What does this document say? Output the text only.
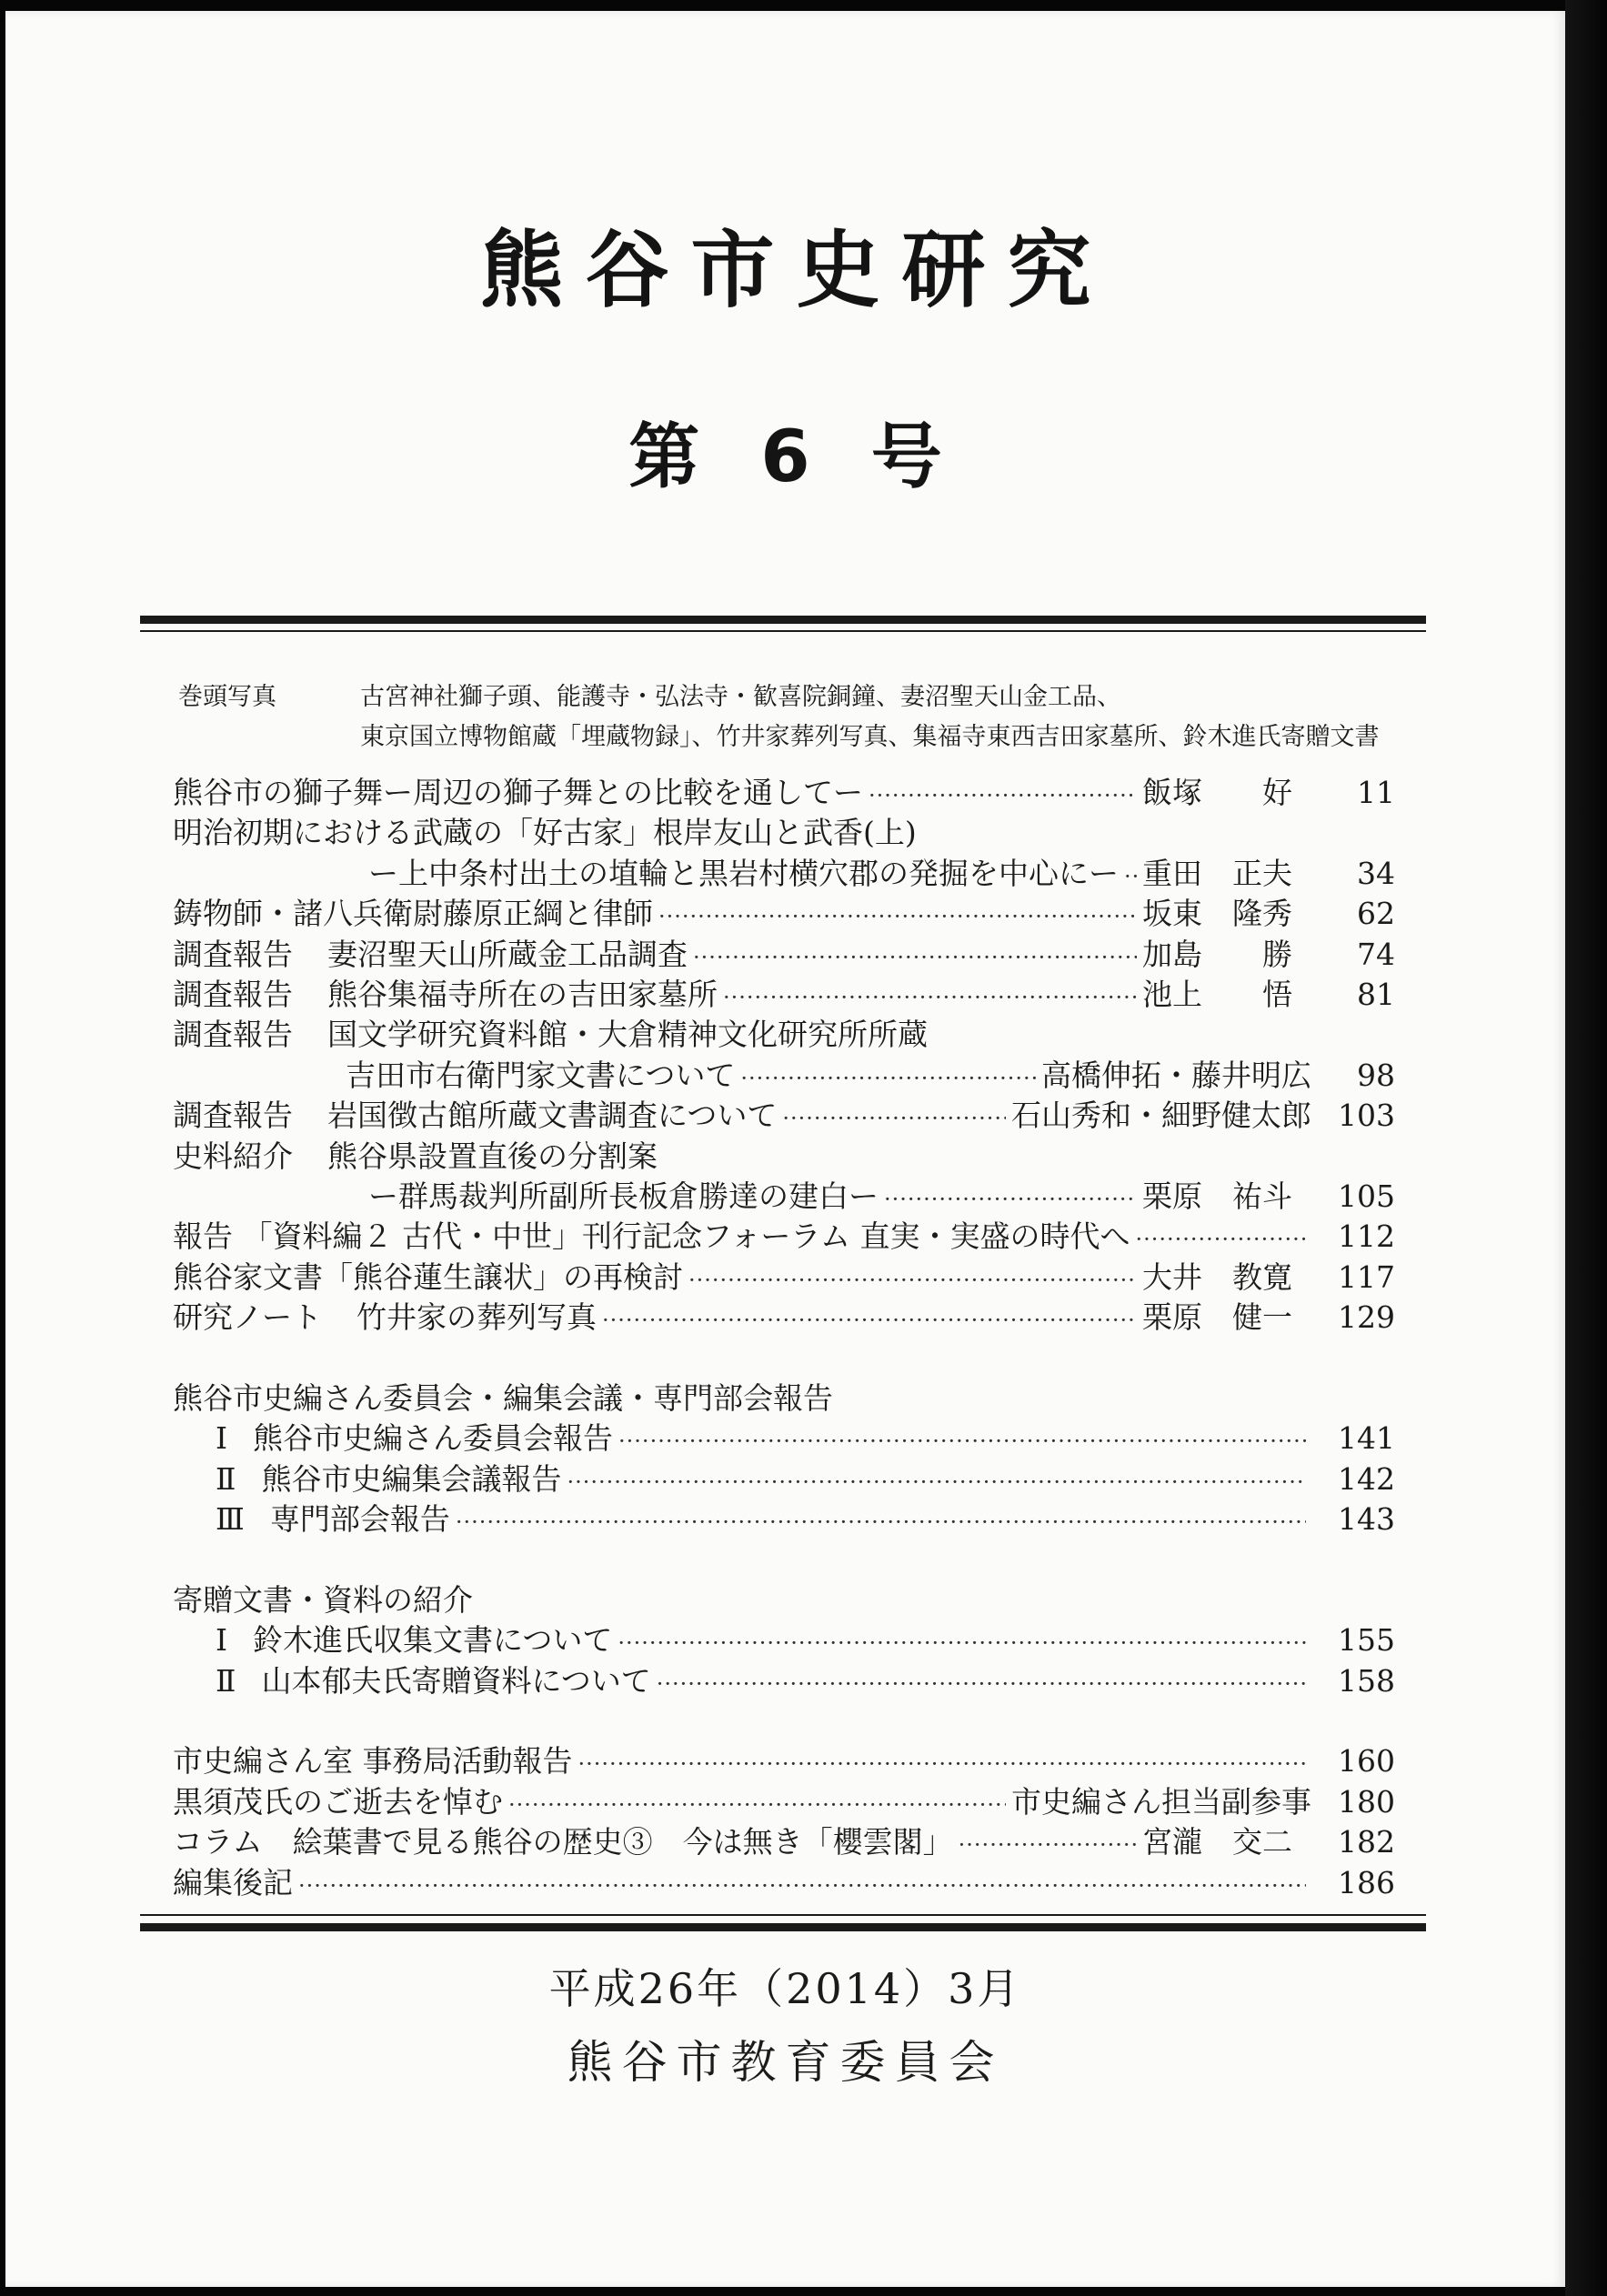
熊谷市史研究
第 6 号
巻頭写真	古宮神社獅子頭、能護寺・弘法寺・歓喜院銅鐘、妻沼聖天山金工品、
東京国立博物館蔵「埋蔵物録」、竹井家葬列写真、集福寺東西吉田家墓所、鈴木進氏寄贈文書
熊谷市の獅子舞ー周辺の獅子舞との比較を通してー ·····	飯塚　　好	11
明治初期における武蔵の「好古家」根岸友山と武香(上)
ー上中条村出土の埴輪と黒岩村横穴郡の発掘を中心にー ····· 重田　正夫	34
鋳物師・諸八兵衛尉藤原正綱と律師 ·····	坂東　隆秀	62
調査報告	妻沼聖天山所蔵金工品調査 ·····	加島　　勝	74
調査報告	熊谷集福寺所在の吉田家墓所 ·····	池上　　悟	81
調査報告	国文学研究資料館・大倉精神文化研究所所蔵
吉田市右衛門家文書について ·····	高橋伸拓・藤井明広	98
調査報告	岩国徴古館所蔵文書調査について ·····	石山秀和・細野健太郎 103
史料紹介	熊谷県設置直後の分割案
ー群馬裁判所副所長板倉勝達の建白ー ·····	栗原　祐斗	105
報告 「資料編２ 古代・中世」刊行記念フォーラム 直実・実盛の時代へ ·····	112
熊谷家文書「熊谷蓮生譲状」の再検討 ·····	大井　教寛	117
研究ノート	竹井家の葬列写真 ·····	栗原　健一	129
熊谷市史編さん委員会・編集会議・専門部会報告
Ⅰ 熊谷市史編さん委員会報告 ·····	141
Ⅱ 熊谷市史編集会議報告 ·····	142
Ⅲ 専門部会報告 ·····	143
寄贈文書・資料の紹介
Ⅰ 鈴木進氏収集文書について ·····	155
Ⅱ 山本郁夫氏寄贈資料について ·····	158
市史編さん室 事務局活動報告 ·····	160
黒須茂氏のご逝去を悼む ·····	市史編さん担当副参事 180
コラム　絵葉書で見る熊谷の歴史③　今は無き「櫻雲閣」 ·····	宮瀧　交二	182
編集後記 ·····	186
平成26年（2014）3月
熊谷市教育委員会
